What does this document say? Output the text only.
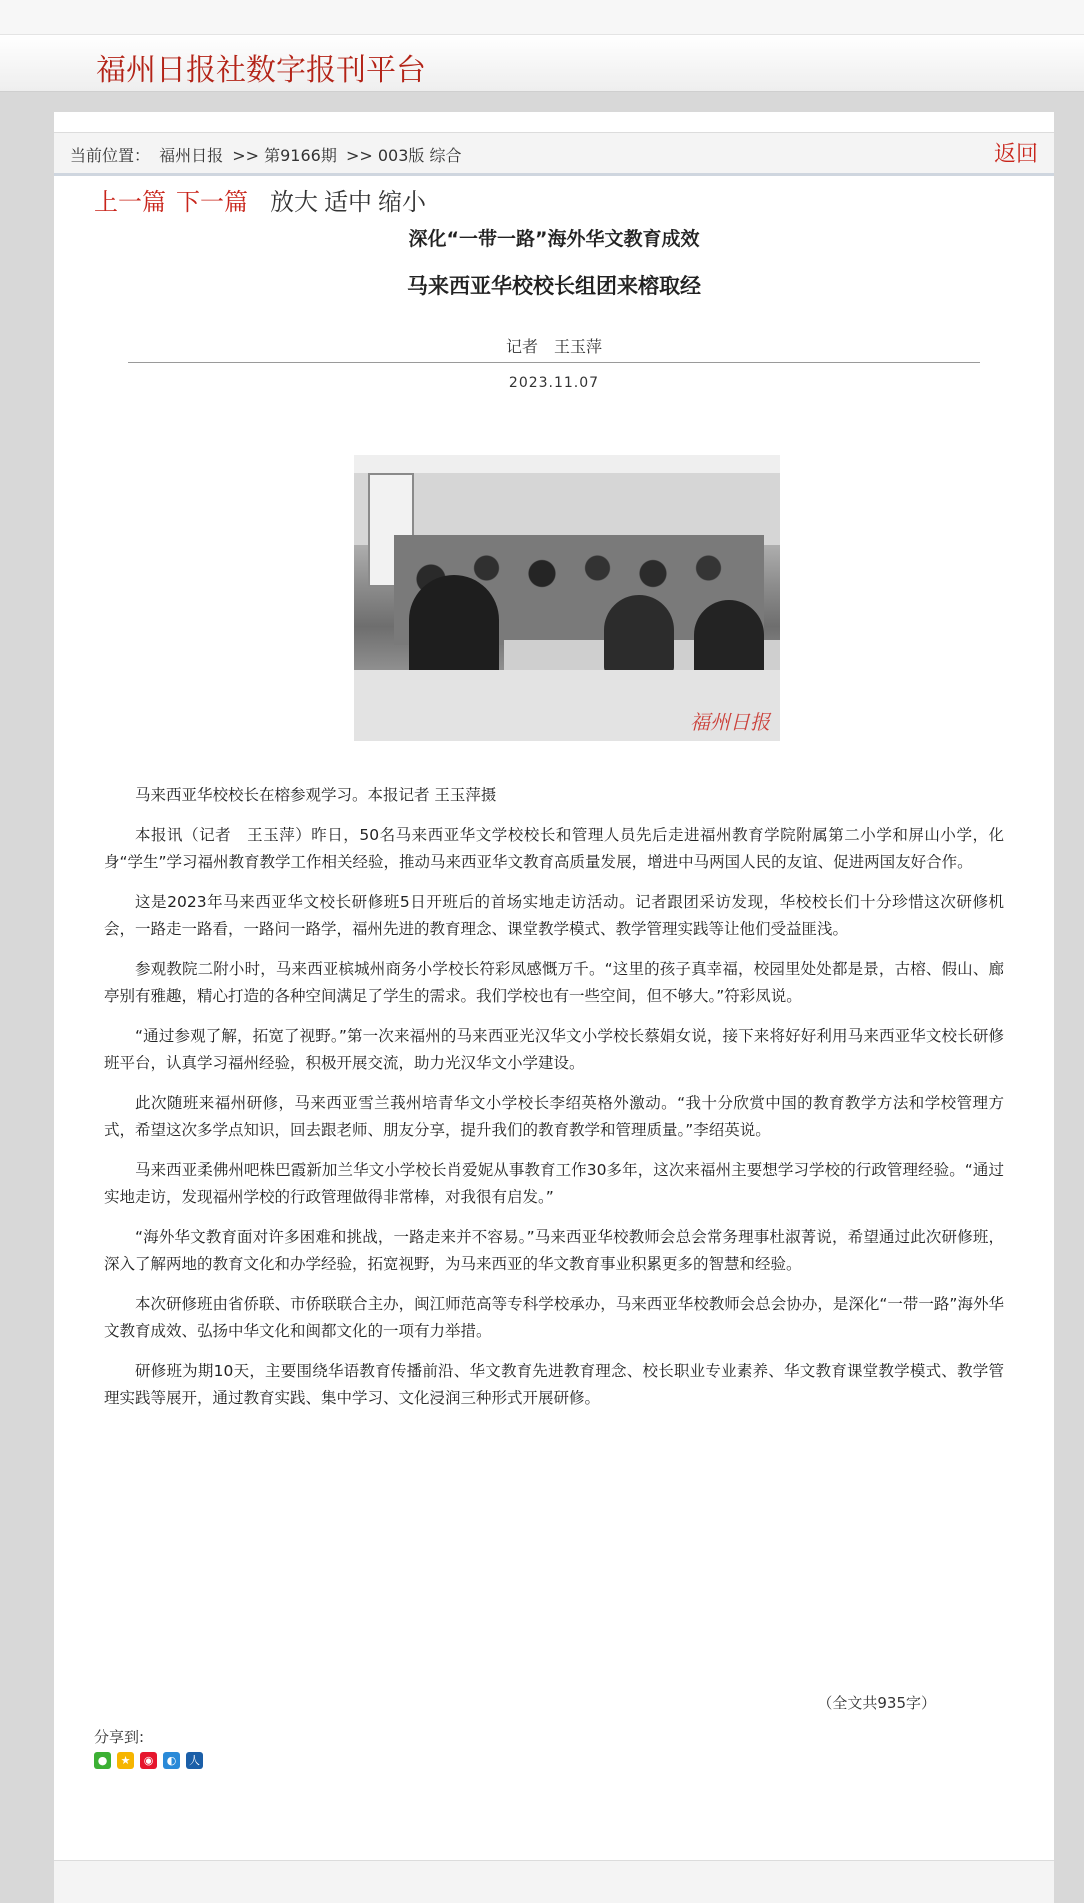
福州日报社数字报刊平台
当前位置： 福州日报 >> 第9166期 >> 003版 综合	返回
上一篇 下一篇 放大 适中 缩小
深化“一带一路”海外华文教育成效
马来西亚华校校长组团来榕取经
记者　王玉萍
2023.11.07
福州日报

马来西亚华校校长在榕参观学习。本报记者 王玉萍摄

本报讯（记者　王玉萍）昨日，50名马来西亚华文学校校长和管理人员先后走进福州教育学院附属第二小学和屏山小学，化身“学生”学习福州教育教学工作相关经验，推动马来西亚华文教育高质量发展，增进中马两国人民的友谊、促进两国友好合作。

这是2023年马来西亚华文校长研修班5日开班后的首场实地走访活动。记者跟团采访发现，华校校长们十分珍惜这次研修机会，一路走一路看，一路问一路学，福州先进的教育理念、课堂教学模式、教学管理实践等让他们受益匪浅。

参观教院二附小时，马来西亚槟城州商务小学校长符彩凤感慨万千。“这里的孩子真幸福，校园里处处都是景，古榕、假山、廊亭别有雅趣，精心打造的各种空间满足了学生的需求。我们学校也有一些空间，但不够大。”符彩凤说。

“通过参观了解，拓宽了视野。”第一次来福州的马来西亚光汉华文小学校长蔡娟女说，接下来将好好利用马来西亚华文校长研修班平台，认真学习福州经验，积极开展交流，助力光汉华文小学建设。

此次随班来福州研修，马来西亚雪兰莪州培青华文小学校长李绍英格外激动。“我十分欣赏中国的教育教学方法和学校管理方式，希望这次多学点知识，回去跟老师、朋友分享，提升我们的教育教学和管理质量。”李绍英说。

马来西亚柔佛州吧株巴霞新加兰华文小学校长肖爱妮从事教育工作30多年，这次来福州主要想学习学校的行政管理经验。“通过实地走访，发现福州学校的行政管理做得非常棒，对我很有启发。”

“海外华文教育面对许多困难和挑战，一路走来并不容易。”马来西亚华校教师会总会常务理事杜淑菁说，希望通过此次研修班，深入了解两地的教育文化和办学经验，拓宽视野，为马来西亚的华文教育事业积累更多的智慧和经验。

本次研修班由省侨联、市侨联联合主办，闽江师范高等专科学校承办，马来西亚华校教师会总会协办，是深化“一带一路”海外华文教育成效、弘扬中华文化和闽都文化的一项有力举措。

研修班为期10天，主要围绕华语教育传播前沿、华文教育先进教育理念、校长职业专业素养、华文教育课堂教学模式、教学管理实践等展开，通过教育实践、集中学习、文化浸润三种形式开展研修。

（全文共935字）
分享到:
●	★	◉	◐	人
